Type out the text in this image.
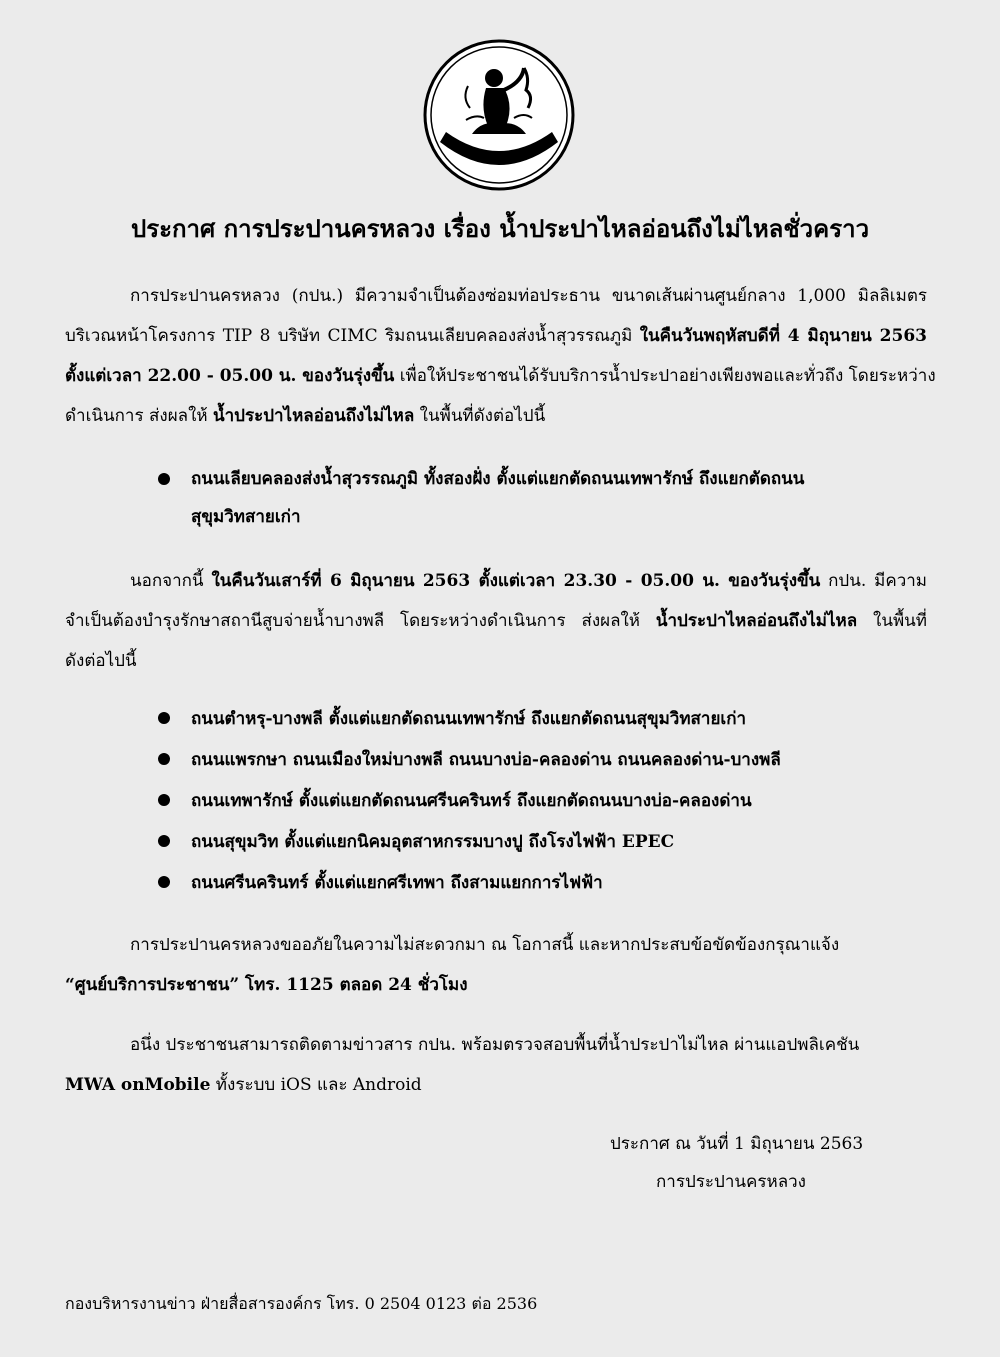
ประกาศ การประปานครหลวง เรื่อง น้ำประปาไหลอ่อนถึงไม่ไหลชั่วคราว
การประปานครหลวง (กปน.) มีความจำเป็นต้องซ่อมท่อประธาน ขนาดเส้นผ่านศูนย์กลาง 1,000 มิลลิเมตร
บริเวณหน้าโครงการ TIP 8 บริษัท CIMC ริมถนนเลียบคลองส่งน้ำสุวรรณภูมิ ในคืนวันพฤหัสบดีที่ 4 มิถุนายน 2563
ตั้งแต่เวลา 22.00 - 05.00 น. ของวันรุ่งขึ้น เพื่อให้ประชาชนได้รับบริการน้ำประปาอย่างเพียงพอและทั่วถึง โดยระหว่าง
ดำเนินการ ส่งผลให้ น้ำประปาไหลอ่อนถึงไม่ไหล ในพื้นที่ดังต่อไปนี้
ถนนเลียบคลองส่งน้ำสุวรรณภูมิ ทั้งสองฝั่ง ตั้งแต่แยกตัดถนนเทพารักษ์ ถึงแยกตัดถนน
สุขุมวิทสายเก่า
นอกจากนี้ ในคืนวันเสาร์ที่ 6 มิถุนายน 2563 ตั้งแต่เวลา 23.30 - 05.00 น. ของวันรุ่งขึ้น กปน. มีความ
จำเป็นต้องบำรุงรักษาสถานีสูบจ่ายน้ำบางพลี โดยระหว่างดำเนินการ ส่งผลให้ น้ำประปาไหลอ่อนถึงไม่ไหล ในพื้นที่
ดังต่อไปนี้
ถนนตำหรุ-บางพลี ตั้งแต่แยกตัดถนนเทพารักษ์ ถึงแยกตัดถนนสุขุมวิทสายเก่า
ถนนแพรกษา ถนนเมืองใหม่บางพลี ถนนบางบ่อ-คลองด่าน ถนนคลองด่าน-บางพลี
ถนนเทพารักษ์ ตั้งแต่แยกตัดถนนศรีนครินทร์ ถึงแยกตัดถนนบางบ่อ-คลองด่าน
ถนนสุขุมวิท ตั้งแต่แยกนิคมอุตสาหกรรมบางปู ถึงโรงไฟฟ้า EPEC
ถนนศรีนครินทร์ ตั้งแต่แยกศรีเทพา ถึงสามแยกการไฟฟ้า
การประปานครหลวงขออภัยในความไม่สะดวกมา ณ โอกาสนี้ และหากประสบข้อขัดข้องกรุณาแจ้ง
“ศูนย์บริการประชาชน” โทร. 1125 ตลอด 24 ชั่วโมง
อนึ่ง ประชาชนสามารถติดตามข่าวสาร กปน. พร้อมตรวจสอบพื้นที่น้ำประปาไม่ไหล ผ่านแอปพลิเคชัน
MWA onMobile ทั้งระบบ iOS และ Android
ประกาศ ณ วันที่ 1 มิถุนายน 2563
การประปานครหลวง
กองบริหารงานข่าว ฝ่ายสื่อสารองค์กร โทร. 0 2504 0123 ต่อ 2536
